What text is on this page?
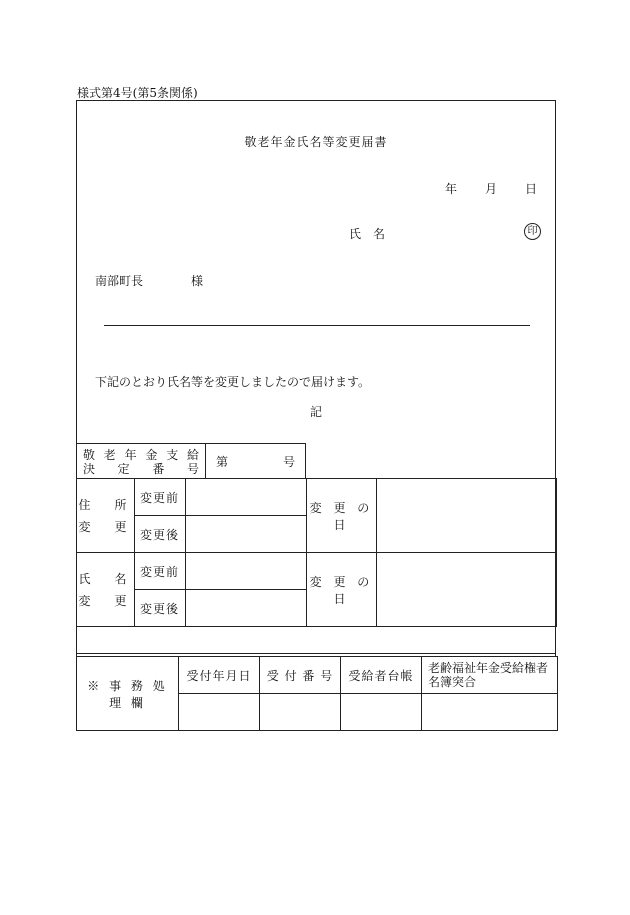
様式第4号(第5条関係)
敬老年金氏名等変更届書
年 月 日
氏　名	印
南部町長　　　　様
下記のとおり氏名等を変更しましたので届けます。
記
敬 老 年 金 支 給
決 定 番 号
第	号
住　所
変　更	変更前		変 更 の 日	
	変更後			

氏　名
変　更	変更前		変 更 の 日	
	変更後			
※ 事 務 処 理 欄	受付年月日	受 付 番 号	受給者台帳	老齢福祉年金受給権者名簿突合
